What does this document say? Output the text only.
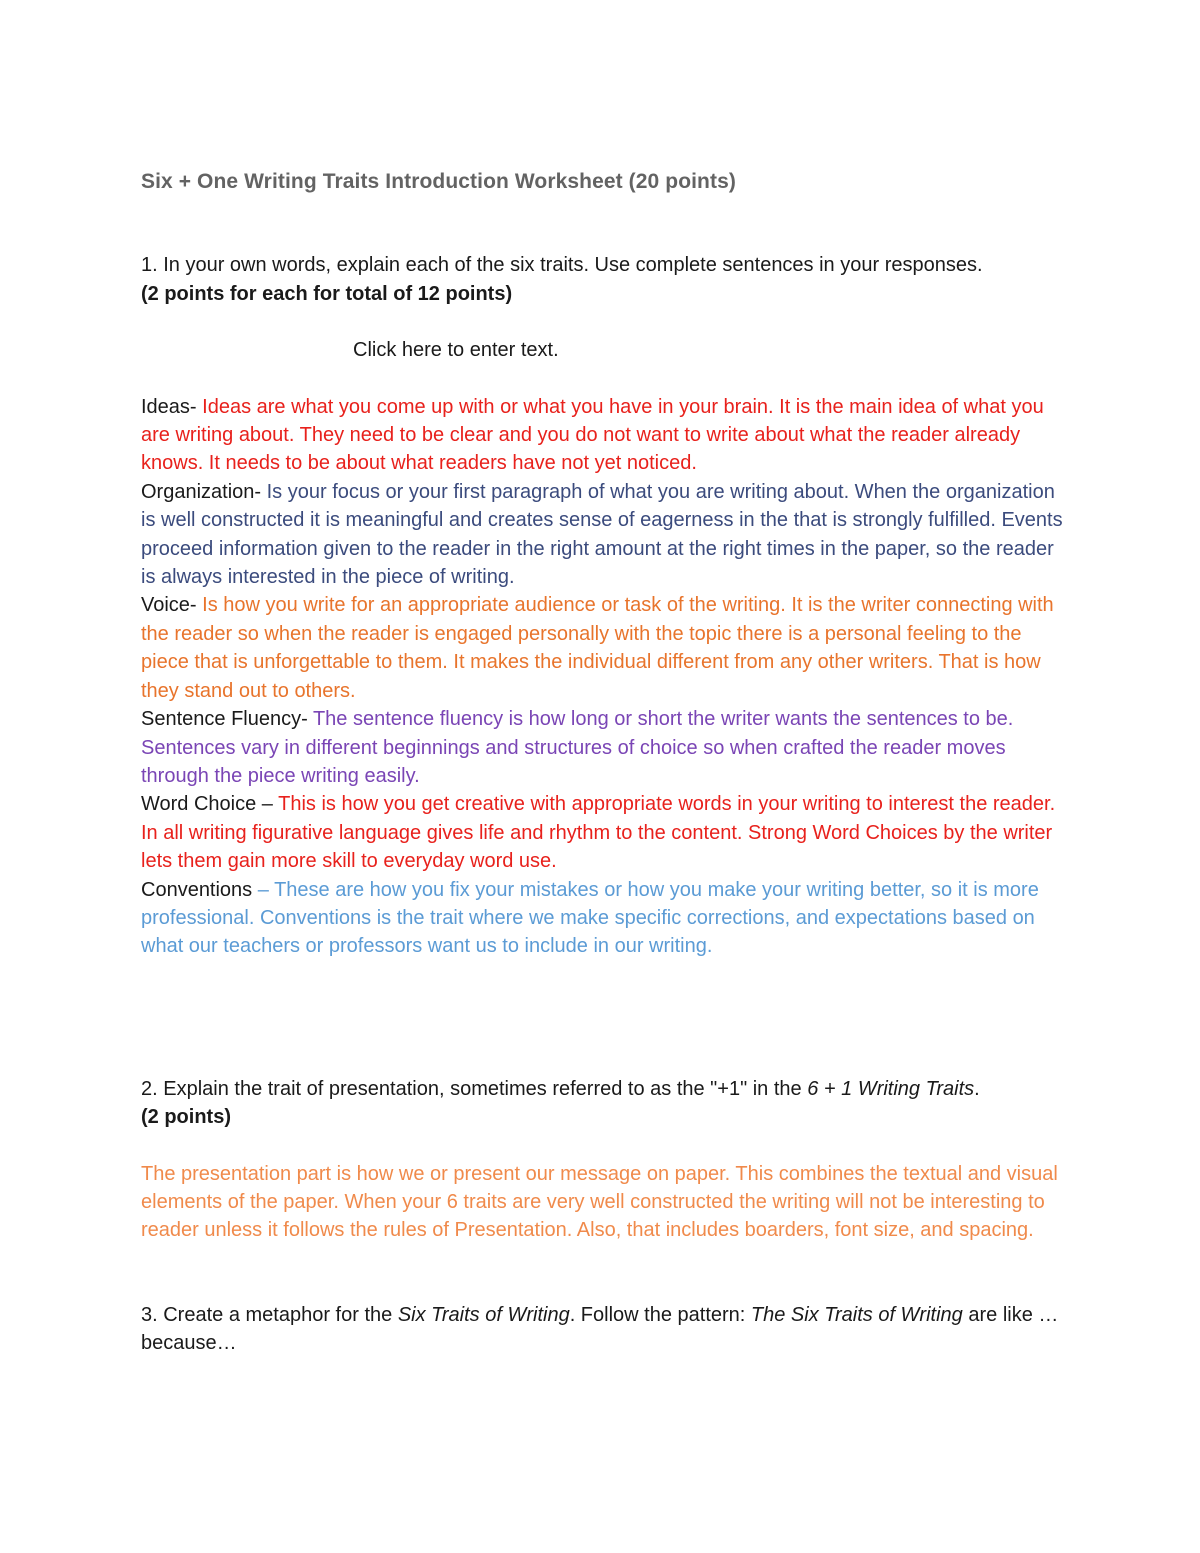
Six + One Writing Traits Introduction Worksheet (20 points)

1. In your own words, explain each of the six traits. Use complete sentences in your responses.

(2 points for each for total of 12 points)

Click here to enter text.

Ideas- Ideas are what you come up with or what you have in your brain. It is the main idea of what you are writing about. They need to be clear and you do not want to write about what the reader already knows. It needs to be about what readers have not yet noticed.

Organization- Is your focus or your first paragraph of what you are writing about. When the organization is well constructed it is meaningful and creates sense of eagerness in the that is strongly fulfilled. Events proceed information given to the reader in the right amount at the right times in the paper, so the reader is always interested in the piece of writing.

Voice- Is how you write for an appropriate audience or task of the writing. It is the writer connecting with the reader so when the reader is engaged personally with the topic there is a personal feeling to the piece that is unforgettable to them. It makes the individual different from any other writers. That is how they stand out to others.

Sentence Fluency- The sentence fluency is how long or short the writer wants the sentences to be. Sentences vary in different beginnings and structures of choice so when crafted the reader moves through the piece writing easily.

Word Choice – This is how you get creative with appropriate words in your writing to interest the reader. In all writing figurative language gives life and rhythm to the content. Strong Word Choices by the writer lets them gain more skill to everyday word use.

Conventions – These are how you fix your mistakes or how you make your writing better, so it is more professional. Conventions is the trait where we make specific corrections, and expectations based on what our teachers or professors want us to include in our writing.

2. Explain the trait of presentation, sometimes referred to as the "+1" in the 6 + 1 Writing Traits.

(2 points)

The presentation part is how we or present our message on paper. This combines the textual and visual elements of the paper. When your 6 traits are very well constructed the writing will not be interesting to reader unless it follows the rules of Presentation. Also, that includes boarders, font size, and spacing.

3. Create a metaphor for the Six Traits of Writing. Follow the pattern: The Six Traits of Writing are like …because…
